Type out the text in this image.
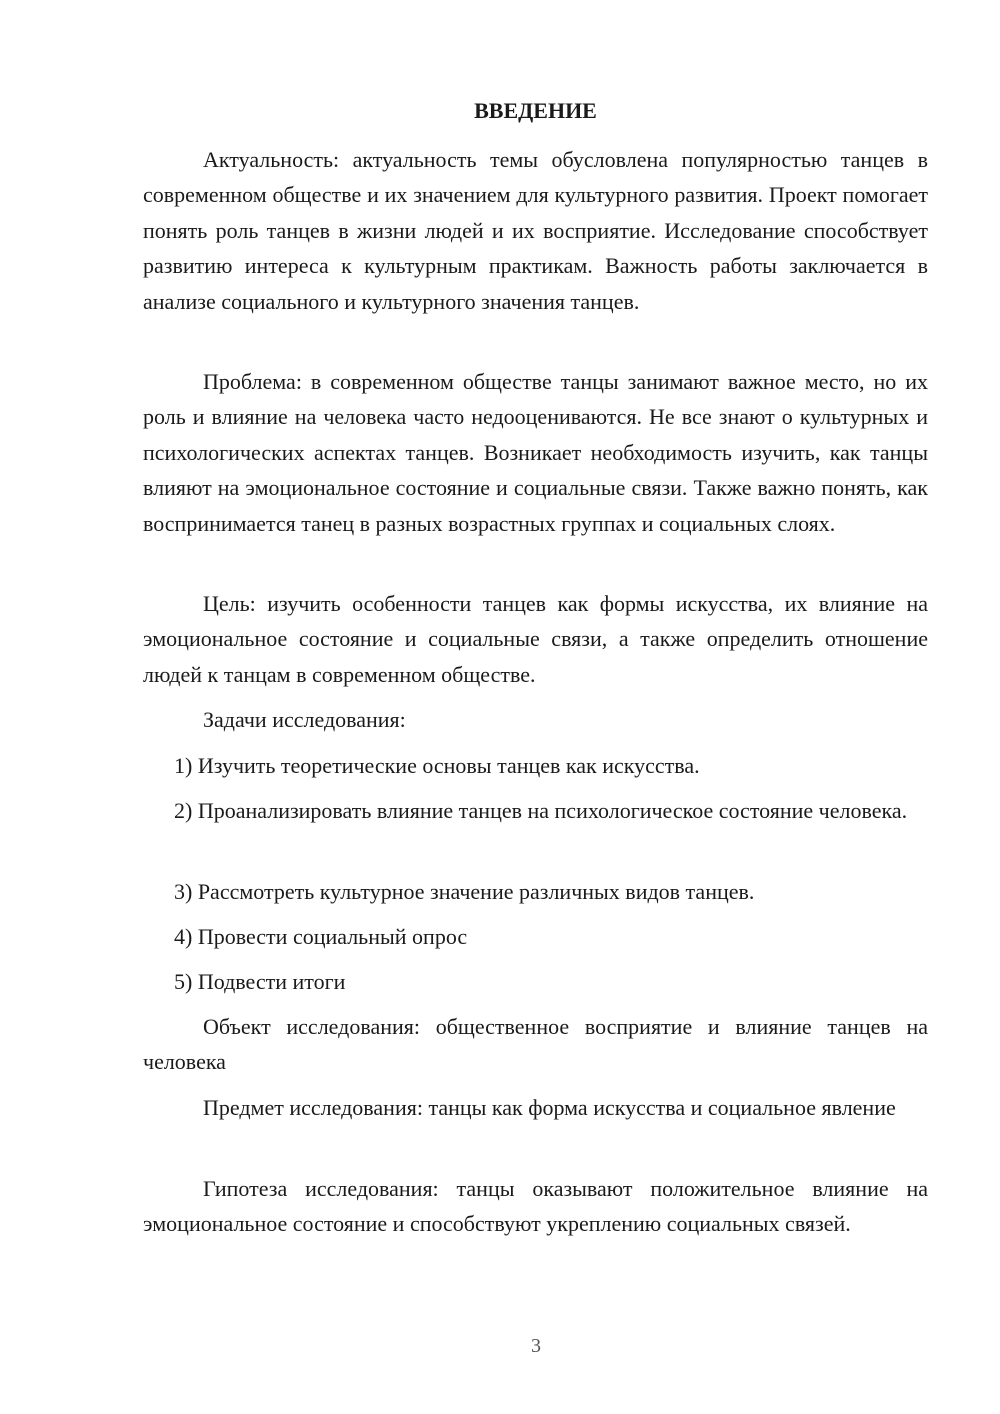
ВВЕДЕНИЕ

Актуальность: актуальность темы обусловлена популярностью танцев в современном обществе и их значением для культурного развития. Проект помогает понять роль танцев в жизни людей и их восприятие. Исследование способствует развитию интереса к культурным практикам. Важность работы заключается в анализе социального и культурного значения танцев.

Проблема: в современном обществе танцы занимают важное место, но их роль и влияние на человека часто недооцениваются. Не все знают о культурных и психологических аспектах танцев. Возникает необходимость изучить, как танцы влияют на эмоциональное состояние и социальные связи. Также важно понять, как воспринимается танец в разных возрастных группах и социальных слоях.

Цель: изучить особенности танцев как формы искусства, их влияние на эмоциональное состояние и социальные связи, а также определить отношение людей к танцам в современном обществе.

Задачи исследования:

1) Изучить теоретические основы танцев как искусства.

2) Проанализировать влияние танцев на психологическое состояние человека.

3) Рассмотреть культурное значение различных видов танцев.

4) Провести социальный опрос

5) Подвести итоги

Объект исследования: общественное восприятие и влияние танцев на человека

Предмет исследования: танцы как форма искусства и социальное явление

Гипотеза исследования: танцы оказывают положительное влияние на эмоциональное состояние и способствуют укреплению социальных связей.

3
